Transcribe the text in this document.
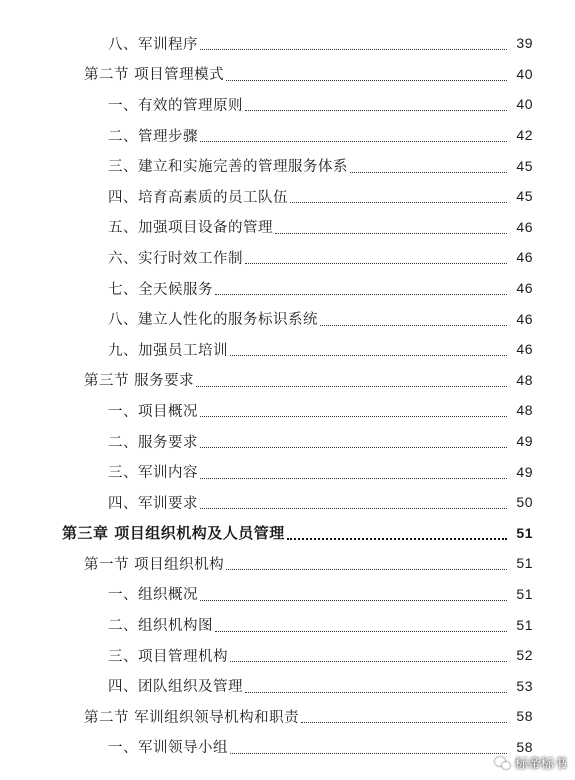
八、军训程序	39
第二节 项目管理模式	40
一、有效的管理原则	40
二、管理步骤	42
三、建立和实施完善的管理服务体系	45
四、培育高素质的员工队伍	45
五、加强项目设备的管理	46
六、实行时效工作制	46
七、全天候服务	46
八、建立人性化的服务标识系统	46
九、加强员工培训	46
第三节 服务要求	48
一、项目概况	48
二、服务要求	49
三、军训内容	49
四、军训要求	50
第三章 项目组织机构及人员管理	51
第一节 项目组织机构	51
一、组织概况	51
二、组织机构图	51
三、项目管理机构	52
四、团队组织及管理	53
第二节 军训组织领导机构和职责	58
一、军训领导小组	58
标帝标书
